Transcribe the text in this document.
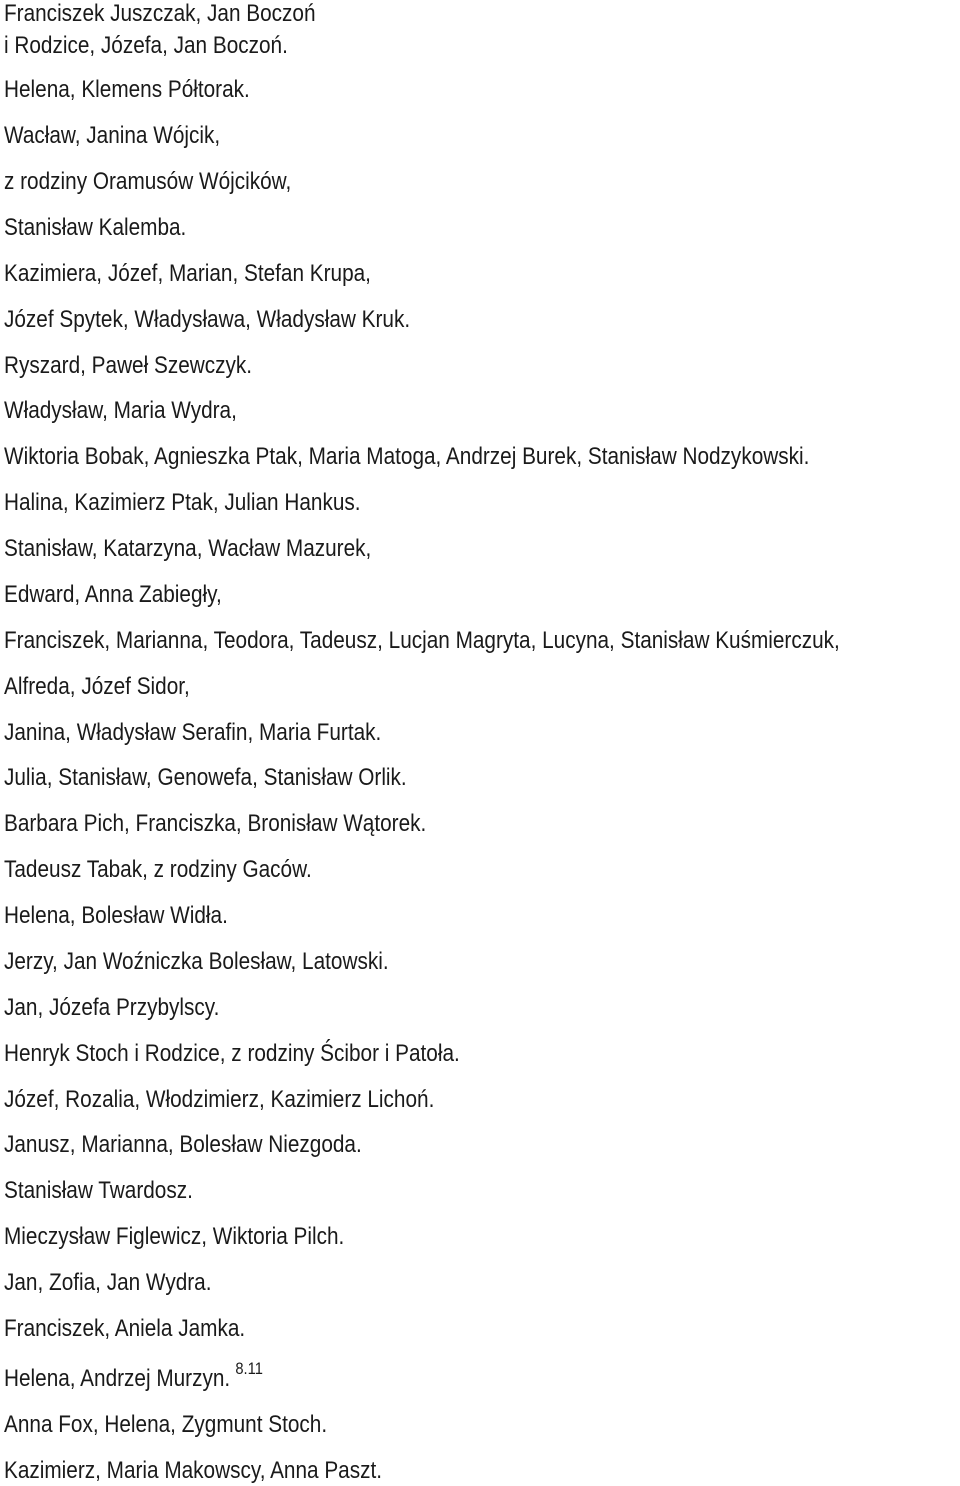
Franciszek Juszczak, Jan Boczoń
i Rodzice, Józefa, Jan Boczoń.
Helena, Klemens Półtorak.
Wacław, Janina Wójcik,
z rodziny Oramusów Wójcików,
Stanisław Kalemba.
Kazimiera, Józef, Marian, Stefan Krupa,
Józef Spytek, Władysława, Władysław Kruk.
Ryszard, Paweł Szewczyk.
Władysław, Maria Wydra,
Wiktoria Bobak, Agnieszka Ptak, Maria Matoga, Andrzej Burek, Stanisław Nodzykowski.
Halina, Kazimierz Ptak, Julian Hankus.
Stanisław, Katarzyna, Wacław Mazurek,
Edward, Anna Zabiegły,
Franciszek, Marianna, Teodora, Tadeusz, Lucjan Magryta, Lucyna, Stanisław Kuśmierczuk,
Alfreda, Józef Sidor,
Janina, Władysław Serafin, Maria Furtak.
Julia, Stanisław, Genowefa, Stanisław Orlik.
Barbara Pich, Franciszka, Bronisław Wątorek.
Tadeusz Tabak, z rodziny Gaców.
Helena, Bolesław Widła.
Jerzy, Jan Woźniczka Bolesław, Latowski.
Jan, Józefa Przybylscy.
Henryk Stoch i Rodzice, z rodziny Ścibor i Patoła.
Józef, Rozalia, Włodzimierz, Kazimierz Lichoń.
Janusz, Marianna, Bolesław Niezgoda.
Stanisław Twardosz.
Mieczysław Figlewicz, Wiktoria Pilch.
Jan, Zofia, Jan Wydra.
Franciszek, Aniela Jamka.
Helena, Andrzej Murzyn. $^{8.11}$
Anna Fox, Helena, Zygmunt Stoch.
Kazimierz, Maria Makowscy, Anna Paszt.
